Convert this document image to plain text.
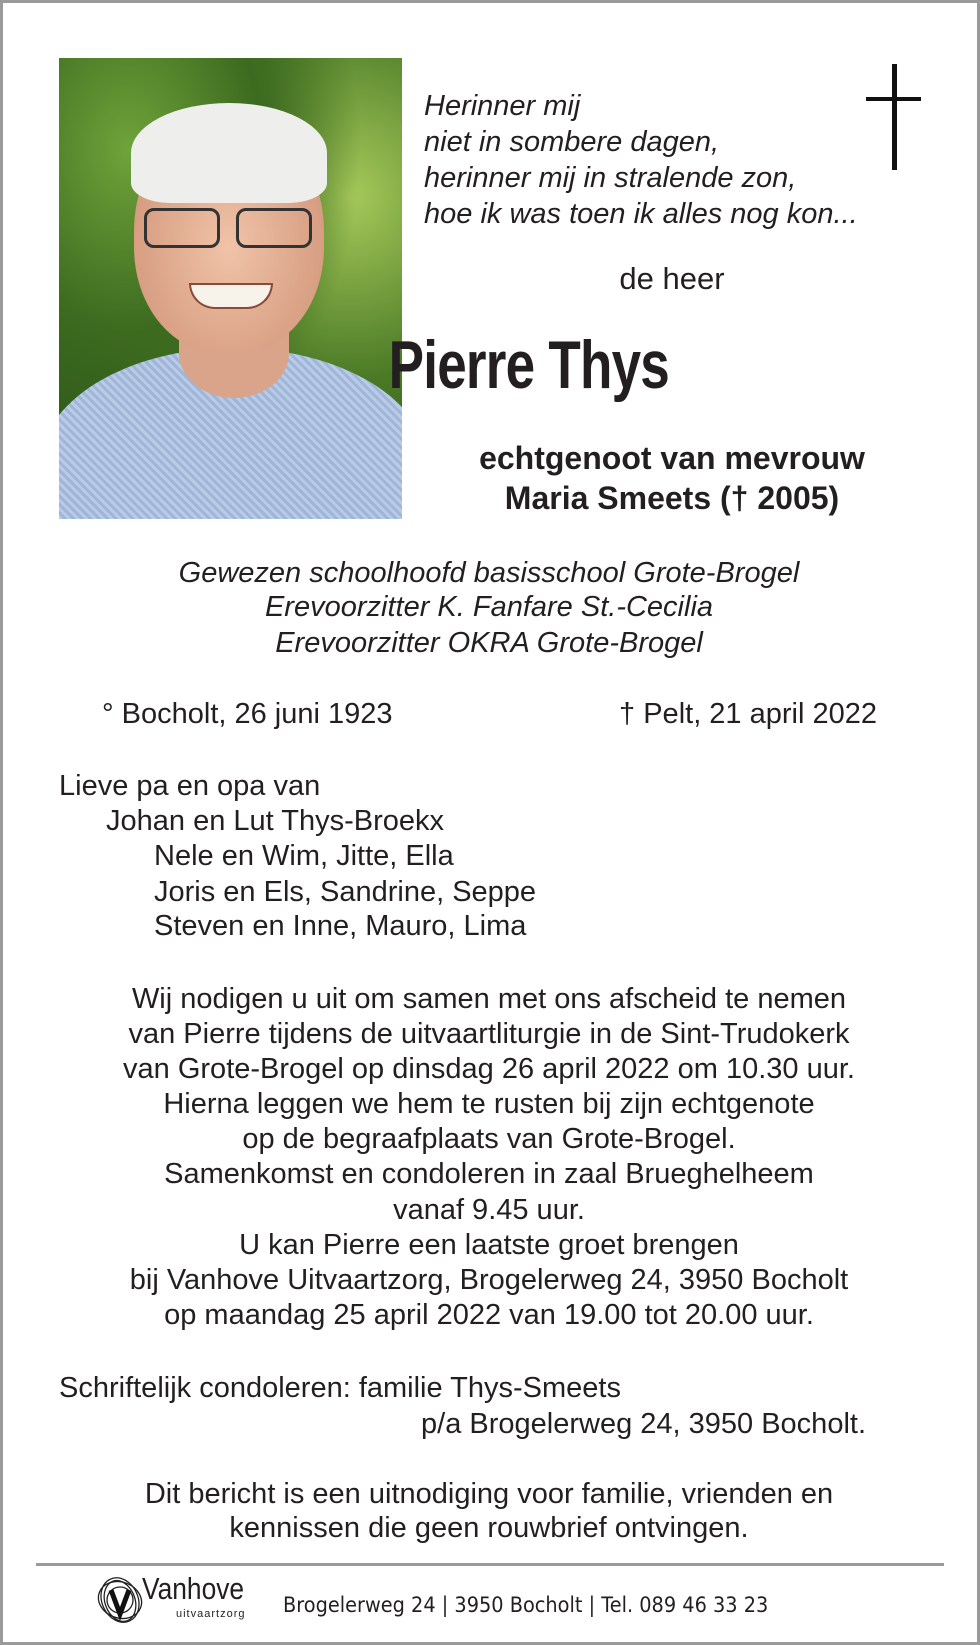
Herinner mij
niet in sombere dagen,
herinner mij in stralende zon,
hoe ik was toen ik alles nog kon...
de heer
Pierre Thys
echtgenoot van mevrouw
Maria Smeets († 2005)
Gewezen schoolhoofd basisschool Grote-Brogel
Erevoorzitter K. Fanfare St.-Cecilia
Erevoorzitter OKRA Grote-Brogel
° Bocholt, 26 juni 1923	† Pelt, 21 april 2022
Lieve pa en opa van
Johan en Lut Thys-Broekx
Nele en Wim, Jitte, Ella
Joris en Els, Sandrine, Seppe
Steven en Inne, Mauro, Lima
Wij nodigen u uit om samen met ons afscheid te nemen
van Pierre tijdens de uitvaartliturgie in de Sint-Trudokerk
van Grote-Brogel op dinsdag 26 april 2022 om 10.30 uur.
Hierna leggen we hem te rusten bij zijn echtgenote
op de begraafplaats van Grote-Brogel.
Samenkomst en condoleren in zaal Brueghelheem
vanaf 9.45 uur.
U kan Pierre een laatste groet brengen
bij Vanhove Uitvaartzorg, Brogelerweg 24, 3950 Bocholt
op maandag 25 april 2022 van 19.00 tot 20.00 uur.
Schriftelijk condoleren: familie Thys-Smeets
p/a Brogelerweg 24, 3950 Bocholt.
Dit bericht is een uitnodiging voor familie, vrienden en
kennissen die geen rouwbrief ontvingen.
Vanhove
uitvaartzorg Brogelerweg 24 | 3950 Bocholt | Tel. 089 46 33 23
